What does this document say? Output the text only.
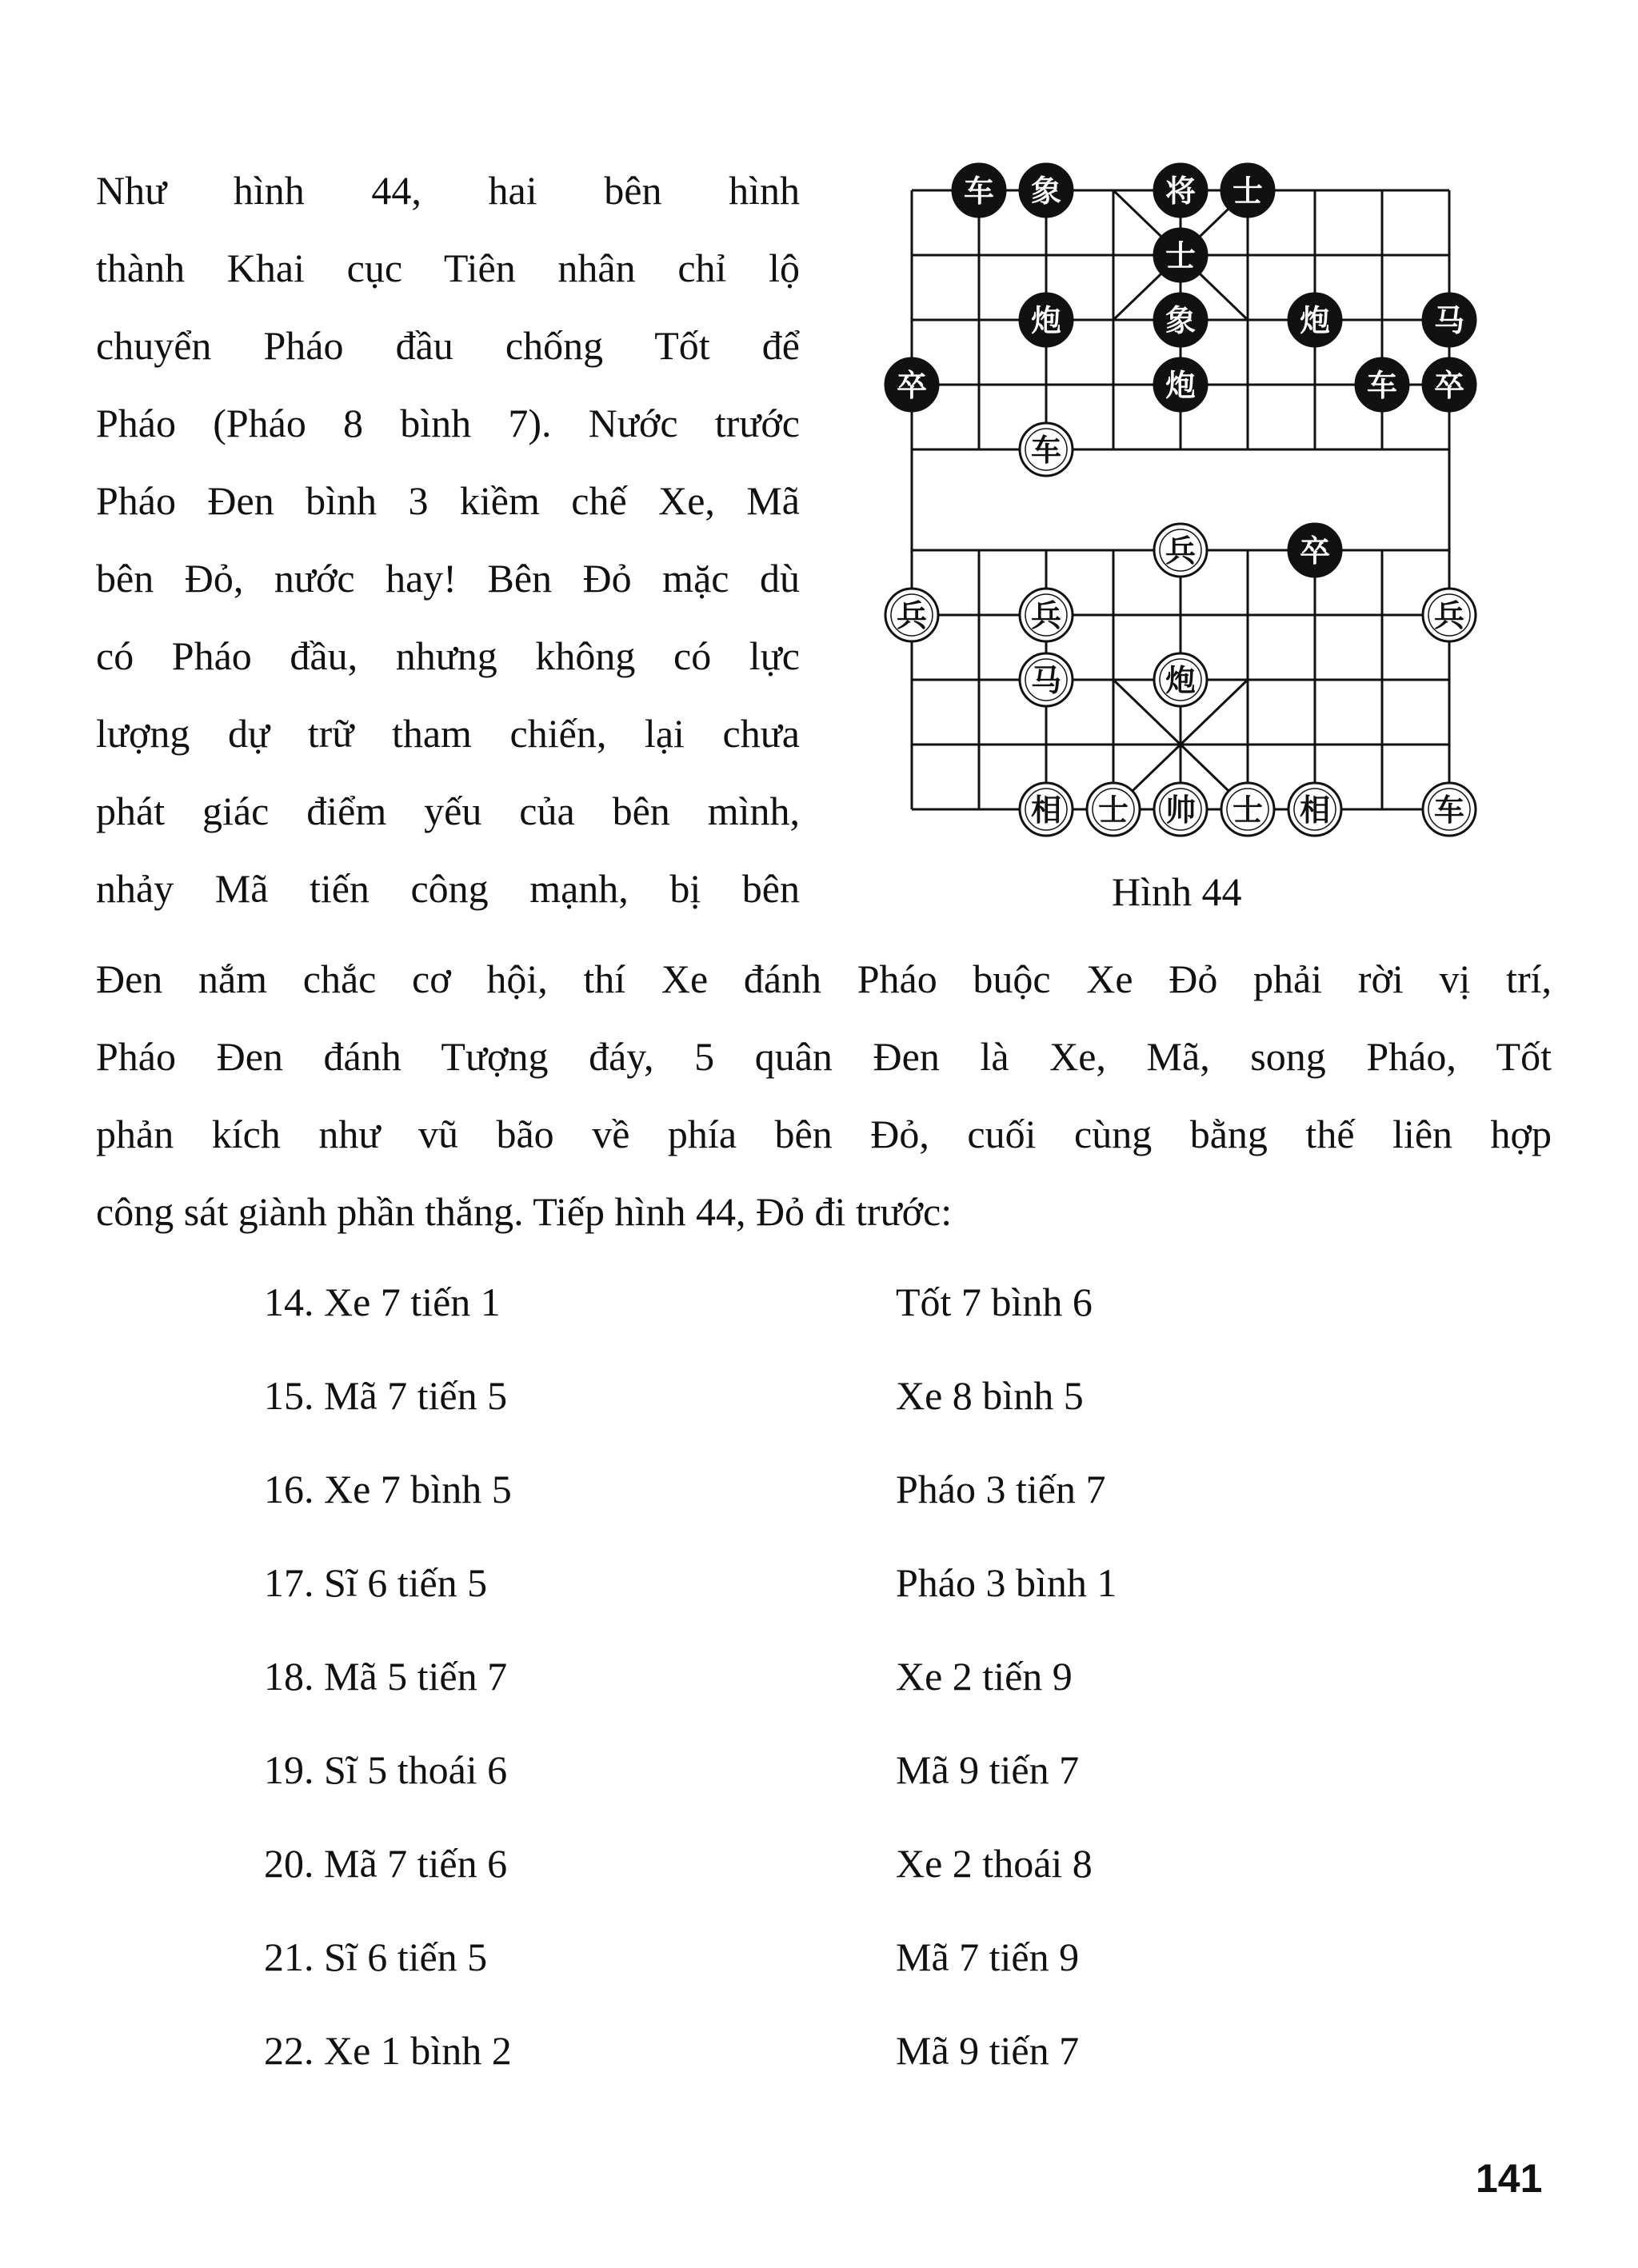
Như hình 44, hai bên hình
thành Khai cục Tiên nhân chỉ lộ
chuyển Pháo đầu chống Tốt để
Pháo (Pháo 8 bình 7). Nước trước
Pháo Đen bình 3 kiềm chế Xe, Mã
bên Đỏ, nước hay! Bên Đỏ mặc dù
có Pháo đầu, nhưng không có lực
lượng dự trữ tham chiến, lại chưa
phát giác điểm yếu của bên mình,
nhảy Mã tiến công mạnh, bị bên
车 象	将 士
士
炮	象	炮	马
卒	炮	车 卒
车
兵	卒
兵	兵	兵
马	炮
相 士 帅 士 相	车
Hình 44
Đen nắm chắc cơ hội, thí Xe đánh Pháo buộc Xe Đỏ phải rời vị trí,
Pháo Đen đánh Tượng đáy, 5 quân Đen là Xe, Mã, song Pháo, Tốt
phản kích như vũ bão về phía bên Đỏ, cuối cùng bằng thế liên hợp
công sát giành phần thắng. Tiếp hình 44, Đỏ đi trước:
14. Xe 7 tiến 1	Tốt 7 bình 6
15. Mã 7 tiến 5	Xe 8 bình 5
16. Xe 7 bình 5	Pháo 3 tiến 7
17. Sĩ 6 tiến 5	Pháo 3 bình 1
18. Mã 5 tiến 7	Xe 2 tiến 9
19. Sĩ 5 thoái 6	Mã 9 tiến 7
20. Mã 7 tiến 6	Xe 2 thoái 8
21. Sĩ 6 tiến 5	Mã 7 tiến 9
22. Xe 1 bình 2	Mã 9 tiến 7
141
